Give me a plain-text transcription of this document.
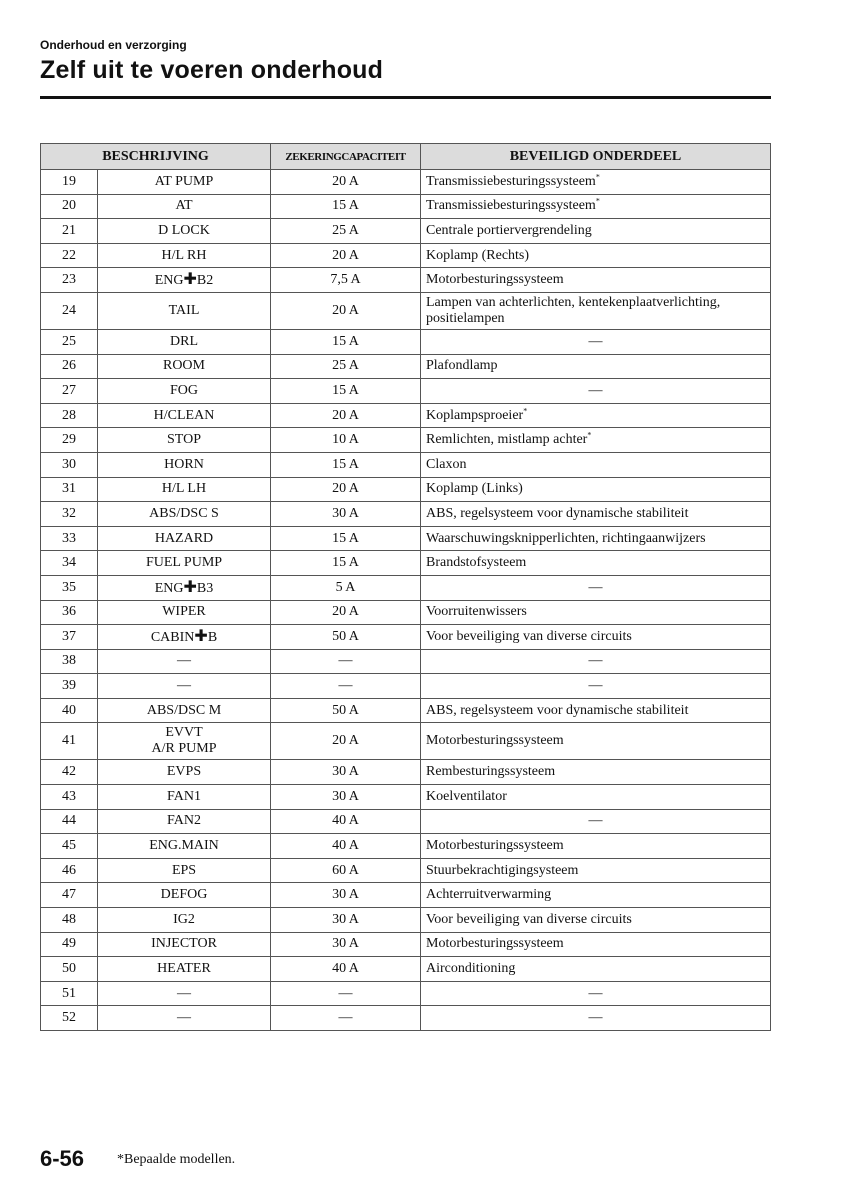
Onderhoud en verzorging
Zelf uit te voeren onderhoud
BESCHRIJVING		ZEKERINGCAPACITEIT	BEVEILIGD ONDERDEEL
19	AT PUMP	20 A	Transmissiebesturingssysteem*

20	AT	15 A	Transmissiebesturingssysteem*

21	D LOCK	25 A	Centrale portiervergrendeling

22	H/L RH	20 A	Koplamp (Rechts)

23	ENG✚B2	7,5 A	Motorbesturingssysteem

24	TAIL	20 A	Lampen van achterlichten, kentekenplaatverlichting,
positielampen

25	DRL	15 A	—

26	ROOM	25 A	Plafondlamp

27	FOG	15 A	—

28	H/CLEAN	20 A	Koplampsproeier*

29	STOP	10 A	Remlichten, mistlamp achter*

30	HORN	15 A	Claxon

31	H/L LH	20 A	Koplamp (Links)

32	ABS/DSC S	30 A	ABS, regelsysteem voor dynamische stabiliteit

33	HAZARD	15 A	Waarschuwingsknipperlichten, richtingaanwijzers

34	FUEL PUMP	15 A	Brandstofsysteem

35	ENG✚B3	5 A	—

36	WIPER	20 A	Voorruitenwissers

37	CABIN✚B	50 A	Voor beveiliging van diverse circuits

38	—	—	—

39	—	—	—

40	ABS/DSC M	50 A	ABS, regelsysteem voor dynamische stabiliteit

41	EVVT
A/R PUMP	20 A	Motorbesturingssysteem

42	EVPS	30 A	Rembesturingssysteem

43	FAN1	30 A	Koelventilator

44	FAN2	40 A	—

45	ENG.MAIN	40 A	Motorbesturingssysteem

46	EPS	60 A	Stuurbekrachtigingsysteem

47	DEFOG	30 A	Achterruitverwarming

48	IG2	30 A	Voor beveiliging van diverse circuits

49	INJECTOR	30 A	Motorbesturingssysteem

50	HEATER	40 A	Airconditioning

51	—	—	—

52	—	—	—
6-56 *Bepaalde modellen.
